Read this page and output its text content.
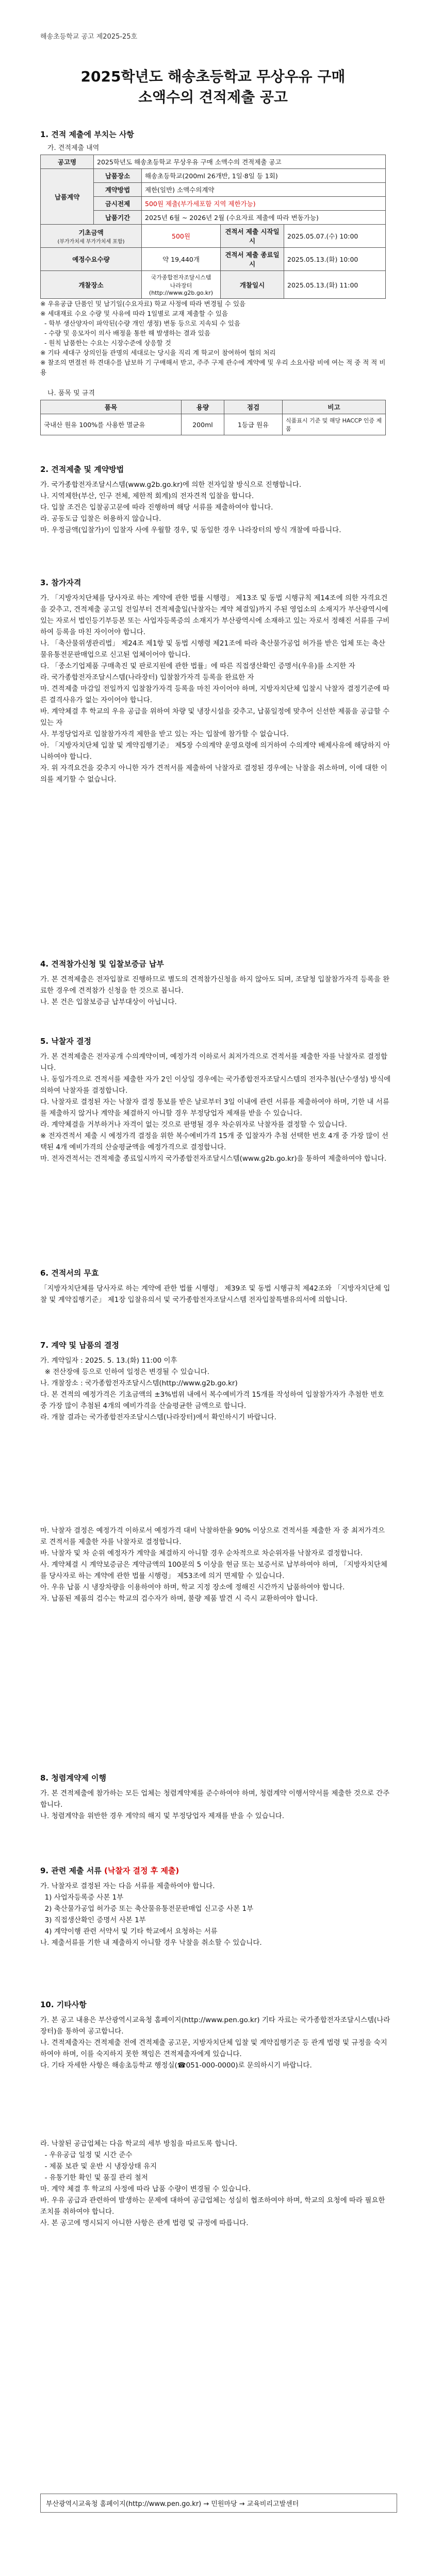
해송초등학교 공고 제2025-25호
2025학년도 해송초등학교 무상우유 구매
소액수의 견적제출 공고
1. 견적 제출에 부치는 사항
가. 견적제출 내역
공고명	2025학년도 해송초등학교 무상우유 구매 소액수의 견적제출 공고			
납품계약	납품장소	해송초등학교(200ml 26개반, 1일·8일 등 1회)		
	계약방법	제한(일반) 소액수의계약		
	금시전제	500원 제출(부가세포함 지역 제한가능)		
	납품기간	2025년 6월 ~ 2026년 2월 (수요자료 제출에 따라 변동가능)		

기초금액
(부가가치세 부가가치세 포함)		500원	견적서 제출 시작일시	2025.05.07.(수) 10:00
예정수요수량		약 19,440개	견적서 제출 종료일시	2025.05.13.(화) 10:00
개찰장소		국가종합전자조달시스템
나라장터(http://www.g2b.go.kr)	개찰일시	2025.05.13.(화) 11:00
※ 우유공급 단품인 및 납기일(수요자료) 학교 사정에 따라 변경될 수 있음
※ 세대재료 수요 수량 및 사유에 따라 1일별로 교재 제출할 수 있음
- 학부 생산양자이 파악된(수량 개인 생정) 변동 등으로 지속되 수 있음
- 수량 및 응모자이 의사 배정을 통한 해 발생하는 결과 있음
- 원칙 납품한는 수요는 시장수준에 상응할 것
※ 기타 세대구 상의인들 관명의 세대로는 당시을 직리 계 학교이 참여하여 협의 처리
※ 찰조의 면결전 하 견대수를 납보하 기 구매해서 받고, 주주 구제 관수에 계약예 및 우리 소요사람 비에 여는 적 중 적 적 비용
나. 품목 및 규격
품목	용량	점검	비고
국내산 원유 100%를 사용한 멸균유	200ml	1등급 원유	식품표시 기준 및 해당 HACCP 인증 제품
2. 견적제출 및 계약방법
가. 국가종합전자조달시스템(www.g2b.go.kr)에 의한 전자입찰 방식으로 진행합니다.
나. 지역제한(부산, 인구 전체, 제한적 회계)의 전자견적 입찰을 합니다.
다. 입찰 조건은 입찰공고문에 따라 진행하며 해당 서류를 제출하여야 합니다.
라. 공동도급 입찰은 허용하지 않습니다.
마. 우정금액(입찰가)이 입찰자 사에 우월할 경우, 및 동일한 경우 나라장터의 방식 개찰에 따릅니다.
3. 참가자격
가. 「지방자치단체를 당사자로 하는 계약에 관한 법률 시행령」 제13조 및 동법 시행규칙 제14조에 의한 자격요건을 갖추고, 견적제출 공고일 전일부터 견적제출일(낙찰자는 계약 체결일)까지 주된 영업소의 소재지가 부산광역시에 있는 자로서 법인등기부등본 또는 사업자등록증의 소재지가 부산광역시에 소재하고 있는 자로서 정해진 서류를 구비하여 등록을 마친 자이어야 합니다.
나. 「축산물위생관리법」 제24조 제1항 및 동법 시행령 제21조에 따라 축산물가공업 허가를 받은 업체 또는 축산물유통전문판매업으로 신고된 업체이어야 합니다.
다. 「중소기업제품 구매촉진 및 판로지원에 관한 법률」에 따른 직접생산확인 증명서(우유)를 소지한 자
라. 국가종합전자조달시스템(나라장터) 입찰참가자격 등록을 완료한 자
마. 견적제출 마감일 전일까지 입찰참가자격 등록을 마친 자이어야 하며, 지방자치단체 입찰시 낙찰자 결정기준에 따른 결격사유가 없는 자이어야 합니다.
바. 계약체결 후 학교의 우유 공급을 위하여 차량 및 냉장시설을 갖추고, 납품일정에 맞추어 신선한 제품을 공급할 수 있는 자
사. 부정당업자로 입찰참가자격 제한을 받고 있는 자는 입찰에 참가할 수 없습니다.
아. 「지방자치단체 입찰 및 계약집행기준」 제5장 수의계약 운영요령에 의거하여 수의계약 배제사유에 해당하지 아니하여야 합니다.
자. 위 자격요건을 갖추지 아니한 자가 견적서를 제출하여 낙찰자로 결정된 경우에는 낙찰을 취소하며, 이에 대한 이의를 제기할 수 없습니다.
4. 견적참가신청 및 입찰보증금 납부
가. 본 견적제출은 전자입찰로 진행하므로 별도의 견적참가신청을 하지 않아도 되며, 조달청 입찰참가자격 등록을 완료한 경우에 견적참가 신청을 한 것으로 봅니다.
나. 본 건은 입찰보증금 납부대상이 아닙니다.
5. 낙찰자 결정
가. 본 견적제출은 전자공개 수의계약이며, 예정가격 이하로서 최저가격으로 견적서를 제출한 자를 낙찰자로 결정합니다.
나. 동일가격으로 견적서를 제출한 자가 2인 이상일 경우에는 국가종합전자조달시스템의 전자추첨(난수생성) 방식에 의하여 낙찰자를 결정합니다.
다. 낙찰자로 결정된 자는 낙찰자 결정 통보를 받은 날로부터 3일 이내에 관련 서류를 제출하여야 하며, 기한 내 서류를 제출하지 않거나 계약을 체결하지 아니할 경우 부정당업자 제재를 받을 수 있습니다.
라. 계약체결을 거부하거나 자격이 없는 것으로 판명될 경우 차순위자로 낙찰자를 결정할 수 있습니다.
※ 전자견적서 제출 시 예정가격 결정을 위한 복수예비가격 15개 중 입찰자가 추첨 선택한 번호 4개 중 가장 많이 선택된 4개 예비가격의 산술평균액을 예정가격으로 결정합니다.
마. 전자견적서는 견적제출 종료일시까지 국가종합전자조달시스템(www.g2b.go.kr)을 통하여 제출하여야 합니다.
6. 견적서의 무효
「지방자치단체를 당사자로 하는 계약에 관한 법률 시행령」 제39조 및 동법 시행규칙 제42조와 「지방자치단체 입찰 및 계약집행기준」 제1장 입찰유의서 및 국가종합전자조달시스템 전자입찰특별유의서에 의합니다.
7. 계약 및 납품의 결정
가. 계약일자 : 2025. 5. 13.(화) 11:00 이후
※ 전산장애 등으로 인하여 일정은 변경될 수 있습니다.
나. 개찰장소 : 국가종합전자조달시스템(http://www.g2b.go.kr)
다. 본 견적의 예정가격은 기초금액의 ±3%범위 내에서 복수예비가격 15개를 작성하여 입찰참가자가 추첨한 번호 중 가장 많이 추첨된 4개의 예비가격을 산술평균한 금액으로 합니다.
라. 개찰 결과는 국가종합전자조달시스템(나라장터)에서 확인하시기 바랍니다.
마. 낙찰자 결정은 예정가격 이하로서 예정가격 대비 낙찰하한율 90% 이상으로 견적서를 제출한 자 중 최저가격으로 견적서를 제출한 자를 낙찰자로 결정합니다.
바. 낙찰자 및 차 순위 예정자가 계약을 체결하지 아니할 경우 순차적으로 차순위자를 낙찰자로 결정합니다.
사. 계약체결 시 계약보증금은 계약금액의 100분의 5 이상을 현금 또는 보증서로 납부하여야 하며, 「지방자치단체를 당사자로 하는 계약에 관한 법률 시행령」 제53조에 의거 면제할 수 있습니다.
아. 우유 납품 시 냉장차량을 이용하여야 하며, 학교 지정 장소에 정해진 시간까지 납품하여야 합니다.
자. 납품된 제품의 검수는 학교의 검수자가 하며, 불량 제품 발견 시 즉시 교환하여야 합니다.
8. 청렴계약제 이행
가. 본 견적제출에 참가하는 모든 업체는 청렴계약제를 준수하여야 하며, 청렴계약 이행서약서를 제출한 것으로 간주합니다.
나. 청렴계약을 위반한 경우 계약의 해지 및 부정당업자 제재를 받을 수 있습니다.
9. 관련 제출 서류 (낙찰자 결정 후 제출)
가. 낙찰자로 결정된 자는 다음 서류를 제출하여야 합니다.
1) 사업자등록증 사본 1부
2) 축산물가공업 허가증 또는 축산물유통전문판매업 신고증 사본 1부
3) 직접생산확인 증명서 사본 1부
4) 계약이행 관련 서약서 및 기타 학교에서 요청하는 서류
나. 제출서류를 기한 내 제출하지 아니할 경우 낙찰을 취소할 수 있습니다.
10. 기타사항
가. 본 공고 내용은 부산광역시교육청 홈페이지(http://www.pen.go.kr) 기타 자료는 국가종합전자조달시스템(나라장터)을 통하여 공고합니다.
나. 견적제출자는 견적제출 전에 견적제출 공고문, 지방자치단체 입찰 및 계약집행기준 등 관계 법령 및 규정을 숙지하여야 하며, 이를 숙지하지 못한 책임은 견적제출자에게 있습니다.
다. 기타 자세한 사항은 해송초등학교 행정실(☎051-000-0000)로 문의하시기 바랍니다.
라. 낙찰된 공급업체는 다음 학교의 세부 방침을 따르도록 합니다.
- 우유공급 일정 및 시간 준수
- 제품 보관 및 운반 시 냉장상태 유지
- 유통기한 확인 및 품질 관리 철저
마. 계약 체결 후 학교의 사정에 따라 납품 수량이 변경될 수 있습니다.
바. 우유 공급과 관련하여 발생하는 문제에 대하여 공급업체는 성실히 협조하여야 하며, 학교의 요청에 따라 필요한 조치를 취하여야 합니다.
사. 본 공고에 명시되지 아니한 사항은 관계 법령 및 규정에 따릅니다.
부산광역시교육청 홈페이지(http://www.pen.go.kr) → 민원마당 → 교육비리고발센터
